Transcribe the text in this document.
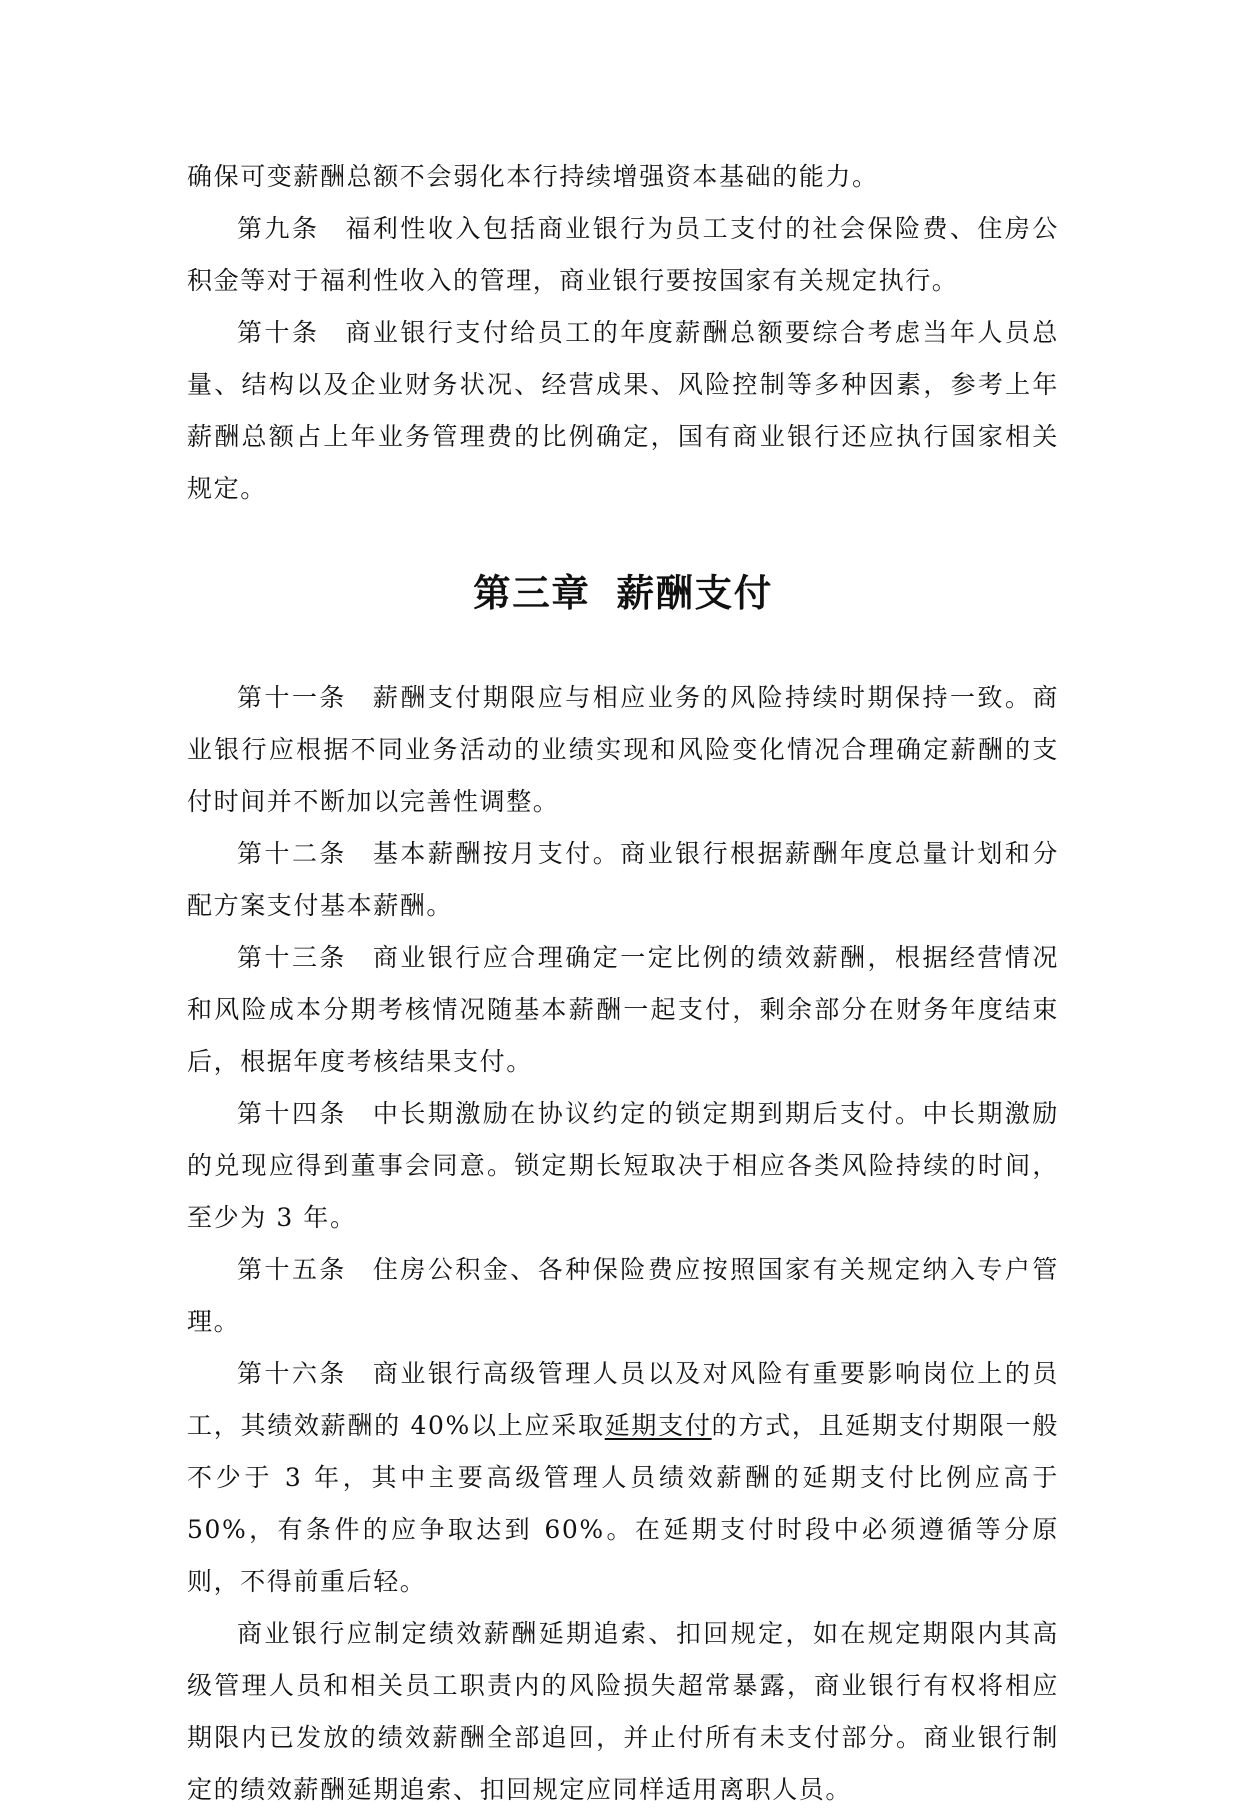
确保可变薪酬总额不会弱化本行持续增强资本基础的能力。

第九条 福利性收入包括商业银行为员工支付的社会保险费、住房公积金等对于福利性收入的管理，商业银行要按国家有关规定执行。

第十条 商业银行支付给员工的年度薪酬总额要综合考虑当年人员总量、结构以及企业财务状况、经营成果、风险控制等多种因素，参考上年薪酬总额占上年业务管理费的比例确定，国有商业银行还应执行国家相关规定。

第三章 薪酬支付

第十一条 薪酬支付期限应与相应业务的风险持续时期保持一致。商业银行应根据不同业务活动的业绩实现和风险变化情况合理确定薪酬的支付时间并不断加以完善性调整。

第十二条 基本薪酬按月支付。商业银行根据薪酬年度总量计划和分配方案支付基本薪酬。

第十三条 商业银行应合理确定一定比例的绩效薪酬，根据经营情况和风险成本分期考核情况随基本薪酬一起支付，剩余部分在财务年度结束后，根据年度考核结果支付。

第十四条 中长期激励在协议约定的锁定期到期后支付。中长期激励的兑现应得到董事会同意。锁定期长短取决于相应各类风险持续的时间，至少为 3 年。

第十五条 住房公积金、各种保险费应按照国家有关规定纳入专户管理。

第十六条 商业银行高级管理人员以及对风险有重要影响岗位上的员工，其绩效薪酬的 40%以上应采取延期支付的方式，且延期支付期限一般不少于 3 年，其中主要高级管理人员绩效薪酬的延期支付比例应高于 50%，有条件的应争取达到 60%。在延期支付时段中必须遵循等分原则，不得前重后轻。

商业银行应制定绩效薪酬延期追索、扣回规定，如在规定期限内其高级管理人员和相关员工职责内的风险损失超常暴露，商业银行有权将相应期限内已发放的绩效薪酬全部追回，并止付所有未支付部分。商业银行制定的绩效薪酬延期追索、扣回规定应同样适用离职人员。
